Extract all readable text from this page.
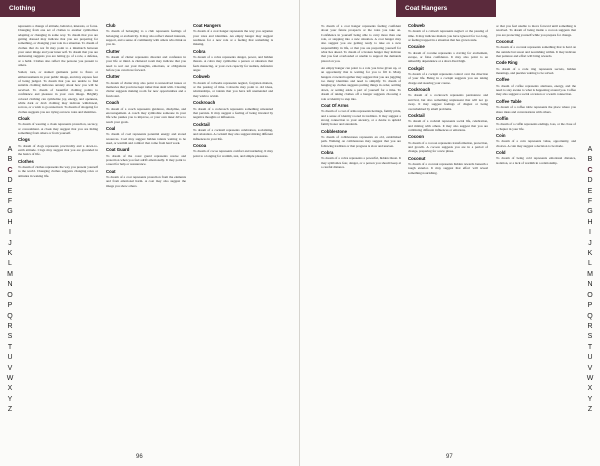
Clothing

represents a change of attitude, behavior, interests, or focus. Changing from one set of clothes to another symbolizes adapting or changing in some way. To dream that you are getting dressed may indicate that you are preparing for something, or changing your role in a situation. To dream of clothes that do not fit may point to a mismatch between your outer image and your inner self. To dream that you are undressing suggests you are letting go of a role, a defense, or a habit. Clothes also reflect the persona you present to others.

Soiled, torn, or stained garments point to flaws or embarrassments in your public image, and may express fear of being judged. To dream that you are unable to find suitable clothing indicates anxiety about how you will be received. To dream of beautiful clothing points to confidence and pleasure in your own image. Brightly colored clothing can symbolize joy, energy, and openness, while dark or drab clothing may indicate withdrawal, sorrow, or a wish to go unnoticed. To dream of shopping for clothes suggests you are trying out new roles and identities.

Cloak

To dream of wearing a cloak represents protection, secrecy, or concealment. A cloak may suggest that you are hiding something from others or from yourself.

Clogs

To dream of clogs represents practicality and a down-to-earth attitude. Clogs may suggest that you are grounded in the basics of life.

Clothes

To dream of clothes represents the way you present yourself to the world. Changing clothes suggests changing roles or attitudes in waking life.

Club

To dream of belonging to a club represents feelings of belonging or exclusivity. It may also reflect shared interests, support, and a sense of community with others who think as you do.

Clutter

To dream of clutter represents disorder and confusion in your life or mind. A cluttered room may indicate that you need to sort out your thoughts, emotions, or obligations before you can move forward.

Clutter

To dream of clutter may also point to unresolved issues or memories that you have kept rather than dealt with. Clearing clutter suggests making room for new opportunities and a fresh start.

Coach

To dream of a coach represents guidance, discipline, and encouragement. A coach may symbolize someone in your life who pushes you to improve, or your own inner drive to reach your goals.

Coal

To dream of coal represents potential energy and stored resources. Coal may suggest hidden talents waiting to be used, or warmth and comfort that come from hard work.

Coat Guard

To dream of the coast guard represents rescue and protection when you feel adrift emotionally. It may point to a need for help or reassurance.

Coat

To dream of a coat represents protection from the elements and from emotional harm. A coat may also suggest the image you show others.

Coat Hangers

To dream of a coat hanger represents the way you organize your roles and identities. An empty hanger may suggest readiness for a new role or a feeling that something is missing.

Cobra

To dream of a cobra represents danger, power, and hidden threats. A cobra may symbolize a person or situation that feels menacing, or your own capacity for sudden, defensive anger.

Cobweb

To dream of cobwebs represents neglect, forgotten matters, or the passing of time. Cobwebs may point to old ideas, relationships, or talents that you have left unattended and may wish to revisit.

Cockroach

To dream of a cockroach represents something unwanted that persists. It may suggest a feeling of being invaded by negative thoughts or influences.

Cocktail

To dream of a cocktail represents celebration, socializing, and relaxation. A cocktail may also suggest mixing different influences in your life.

Cocoa

To dream of cocoa represents comfort and nurturing. It may point to a longing for warmth, rest, and simple pleasures.

A
B
C
D
E
F
G
H
I
J
K
L
M
N
O
P
Q
R
S
T
U
V
W
X
Y
Z
96
Coat Hangers

To dream of a coat hanger represents feeling confident about your future prospects or the roles you take on. Confidence in yourself being able to carry more than one role, or stepping into a new situation. A coat hanger may also suggest you are getting ready to take on a new responsibility in life, or that you are preparing yourself for what lies ahead. To dream of a broken hanger may indicate that you feel overloaded or unable to support the demands placed on you.

An empty hanger can point to a role you have given up, or an opportunity that is waiting for you to fill it. Many hangers crowded together may suggest that you are juggling too many identities and need to simplify. To dream of hanging up clothes suggests putting things in order, settling down, or setting aside a part of yourself for a time. To dream of taking clothes off a hanger suggests choosing a role or identity to step into.

Coat Of Arms

To dream of a coat of arms represents heritage, family pride, and a sense of identity rooted in tradition. It may suggest a strong connection to your ancestry, or a desire to uphold family honor and standards.

Cobblestone

To dream of cobblestones represents an old, established path. Walking on cobblestones may suggest that you are following tradition or that progress is slow and uneven.

Cobra

To dream of a cobra represents a powerful, hidden threat. It may symbolize fear, danger, or a person you should keep at a careful distance.

Cobweb

To dream of a cobweb represents neglect or the passing of time. It may indicate matters you have ignored for too long, or feeling trapped in a situation that has grown stale.

Cocaine

To dream of cocaine represents a craving for excitement, escape, or false confidence. It may also point to an unhealthy dependence or a short-lived high.

Cockpit

To dream of a cockpit represents control over the direction of your life. Being in a cockpit suggests you are taking charge and steering your course.

Cockroach

To dream of a cockroach represents persistence and survival, but also something unpleasant that will not go away. It may suggest feelings of disgust or being overwhelmed by small problems.

Cocktail

To dream of a cocktail represents social life, celebration, and mixing with others. It may also suggest that you are combining different influences or emotions.

Cocoon

To dream of a cocoon represents transformation, protection, and growth. A cocoon suggests you are in a period of change, preparing for a new phase.

Coconut

To dream of a coconut represents hidden rewards beneath a tough exterior. It may suggest that effort will reveal something nourishing.

or that you feel unable to move forward until something is resolved. To dream of being inside a cocoon suggests that you are protecting yourself while you prepare for change.

Coconut

To dream of a coconut represents something that is hard on the outside but sweet and nourishing within. It may indicate that patience and effort will bring rewards.

Code Ring

To dream of a code ring represents secrets, hidden meanings, and puzzles waiting to be solved.

Coffee

To dream of coffee represents alertness, energy, and the need to stay awake to what is happening around you. Coffee may also suggest a social occasion or a warm connection.

Coffee Table

To dream of a coffee table represents the place where you share ideas and conversations with others.

Coffin

To dream of a coffin represents endings, loss, or the close of a chapter in your life.

Coin

To dream of a coin represents value, opportunity, and choices. A coin may suggest a decision to be made.

Cold

To dream of being cold represents emotional distance, isolation, or a lack of warmth in a relationship.

A
B
C
D
E
F
G
H
I
J
K
L
M
N
O
P
Q
R
S
T
U
V
W
X
Y
Z
97
